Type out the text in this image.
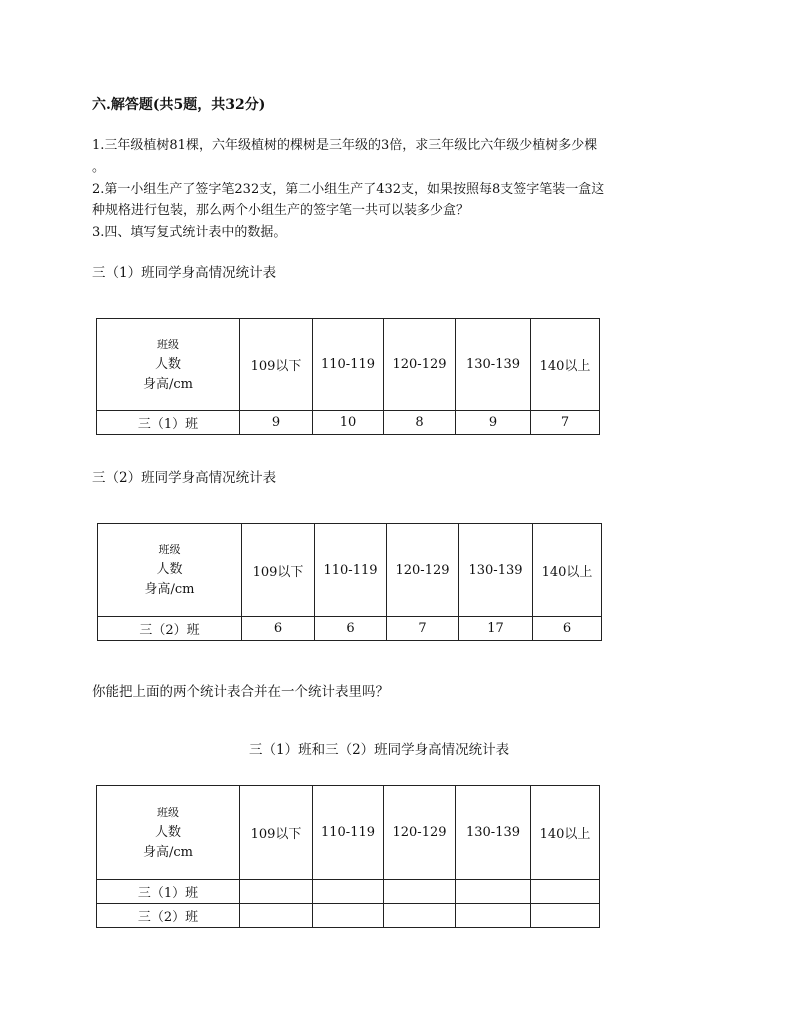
六.解答题(共5题，共32分)
1.三年级植树81棵，六年级植树的棵树是三年级的3倍，求三年级比六年级少植树多少棵
。
2.第一小组生产了签字笔232支，第二小组生产了432支，如果按照每8支签字笔装一盒这
种规格进行包装，那么两个小组生产的签字笔一共可以装多少盒？
3.四、填写复式统计表中的数据。
三（1）班同学身高情况统计表
班级
人数
身高/cm	109以下	110-119	120-129	130-139	140以上
三（1）班	9	10	8	9	7
三（2）班同学身高情况统计表
班级
人数
身高/cm	109以下	110-119	120-129	130-139	140以上
三（2）班	6	6	7	17	6
你能把上面的两个统计表合并在一个统计表里吗？
三（1）班和三（2）班同学身高情况统计表
班级
人数
身高/cm	109以下	110-119	120-129	130-139	140以上
三（1）班					
三（2）班					
